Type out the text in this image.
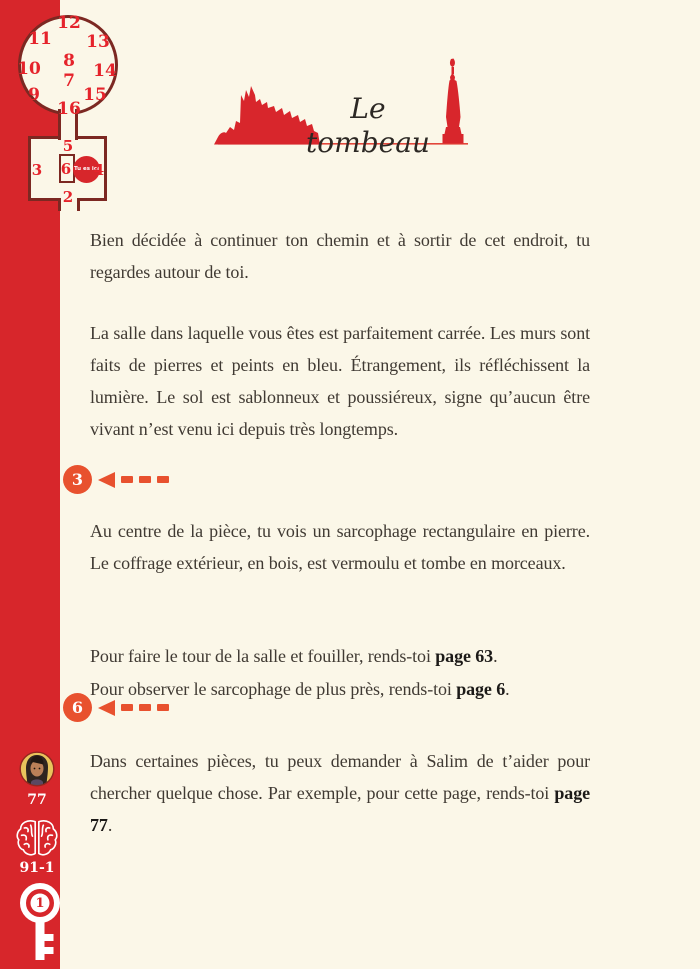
12
11 13
8
10	14
7
9	15
16
5
3 6 4
2
Tu es ici
Le tombeau

Bien décidée à continuer ton chemin et à sortir de cet endroit, tu regardes autour de toi.

La salle dans laquelle vous êtes est parfaitement carrée. Les murs sont faits de pierres et peints en bleu. Étrangement, ils réfléchissent la lumière. Le sol est sablonneux et poussiéreux, signe qu’aucun être vivant n’est venu ici depuis très longtemps.

3

Au centre de la pièce, tu vois un sarcophage rectangulaire en pierre. Le coffrage extérieur, en bois, est vermoulu et tombe en morceaux.

Pour faire le tour de la salle et fouiller, rends-toi page 63.

Pour observer le sarcophage de plus près, rends-toi page 6.

6

Dans certaines pièces, tu peux demander à Salim de t’aider pour chercher quelque chose. Par exemple, pour cette page, rends-toi page 77.

77
91-1
1
